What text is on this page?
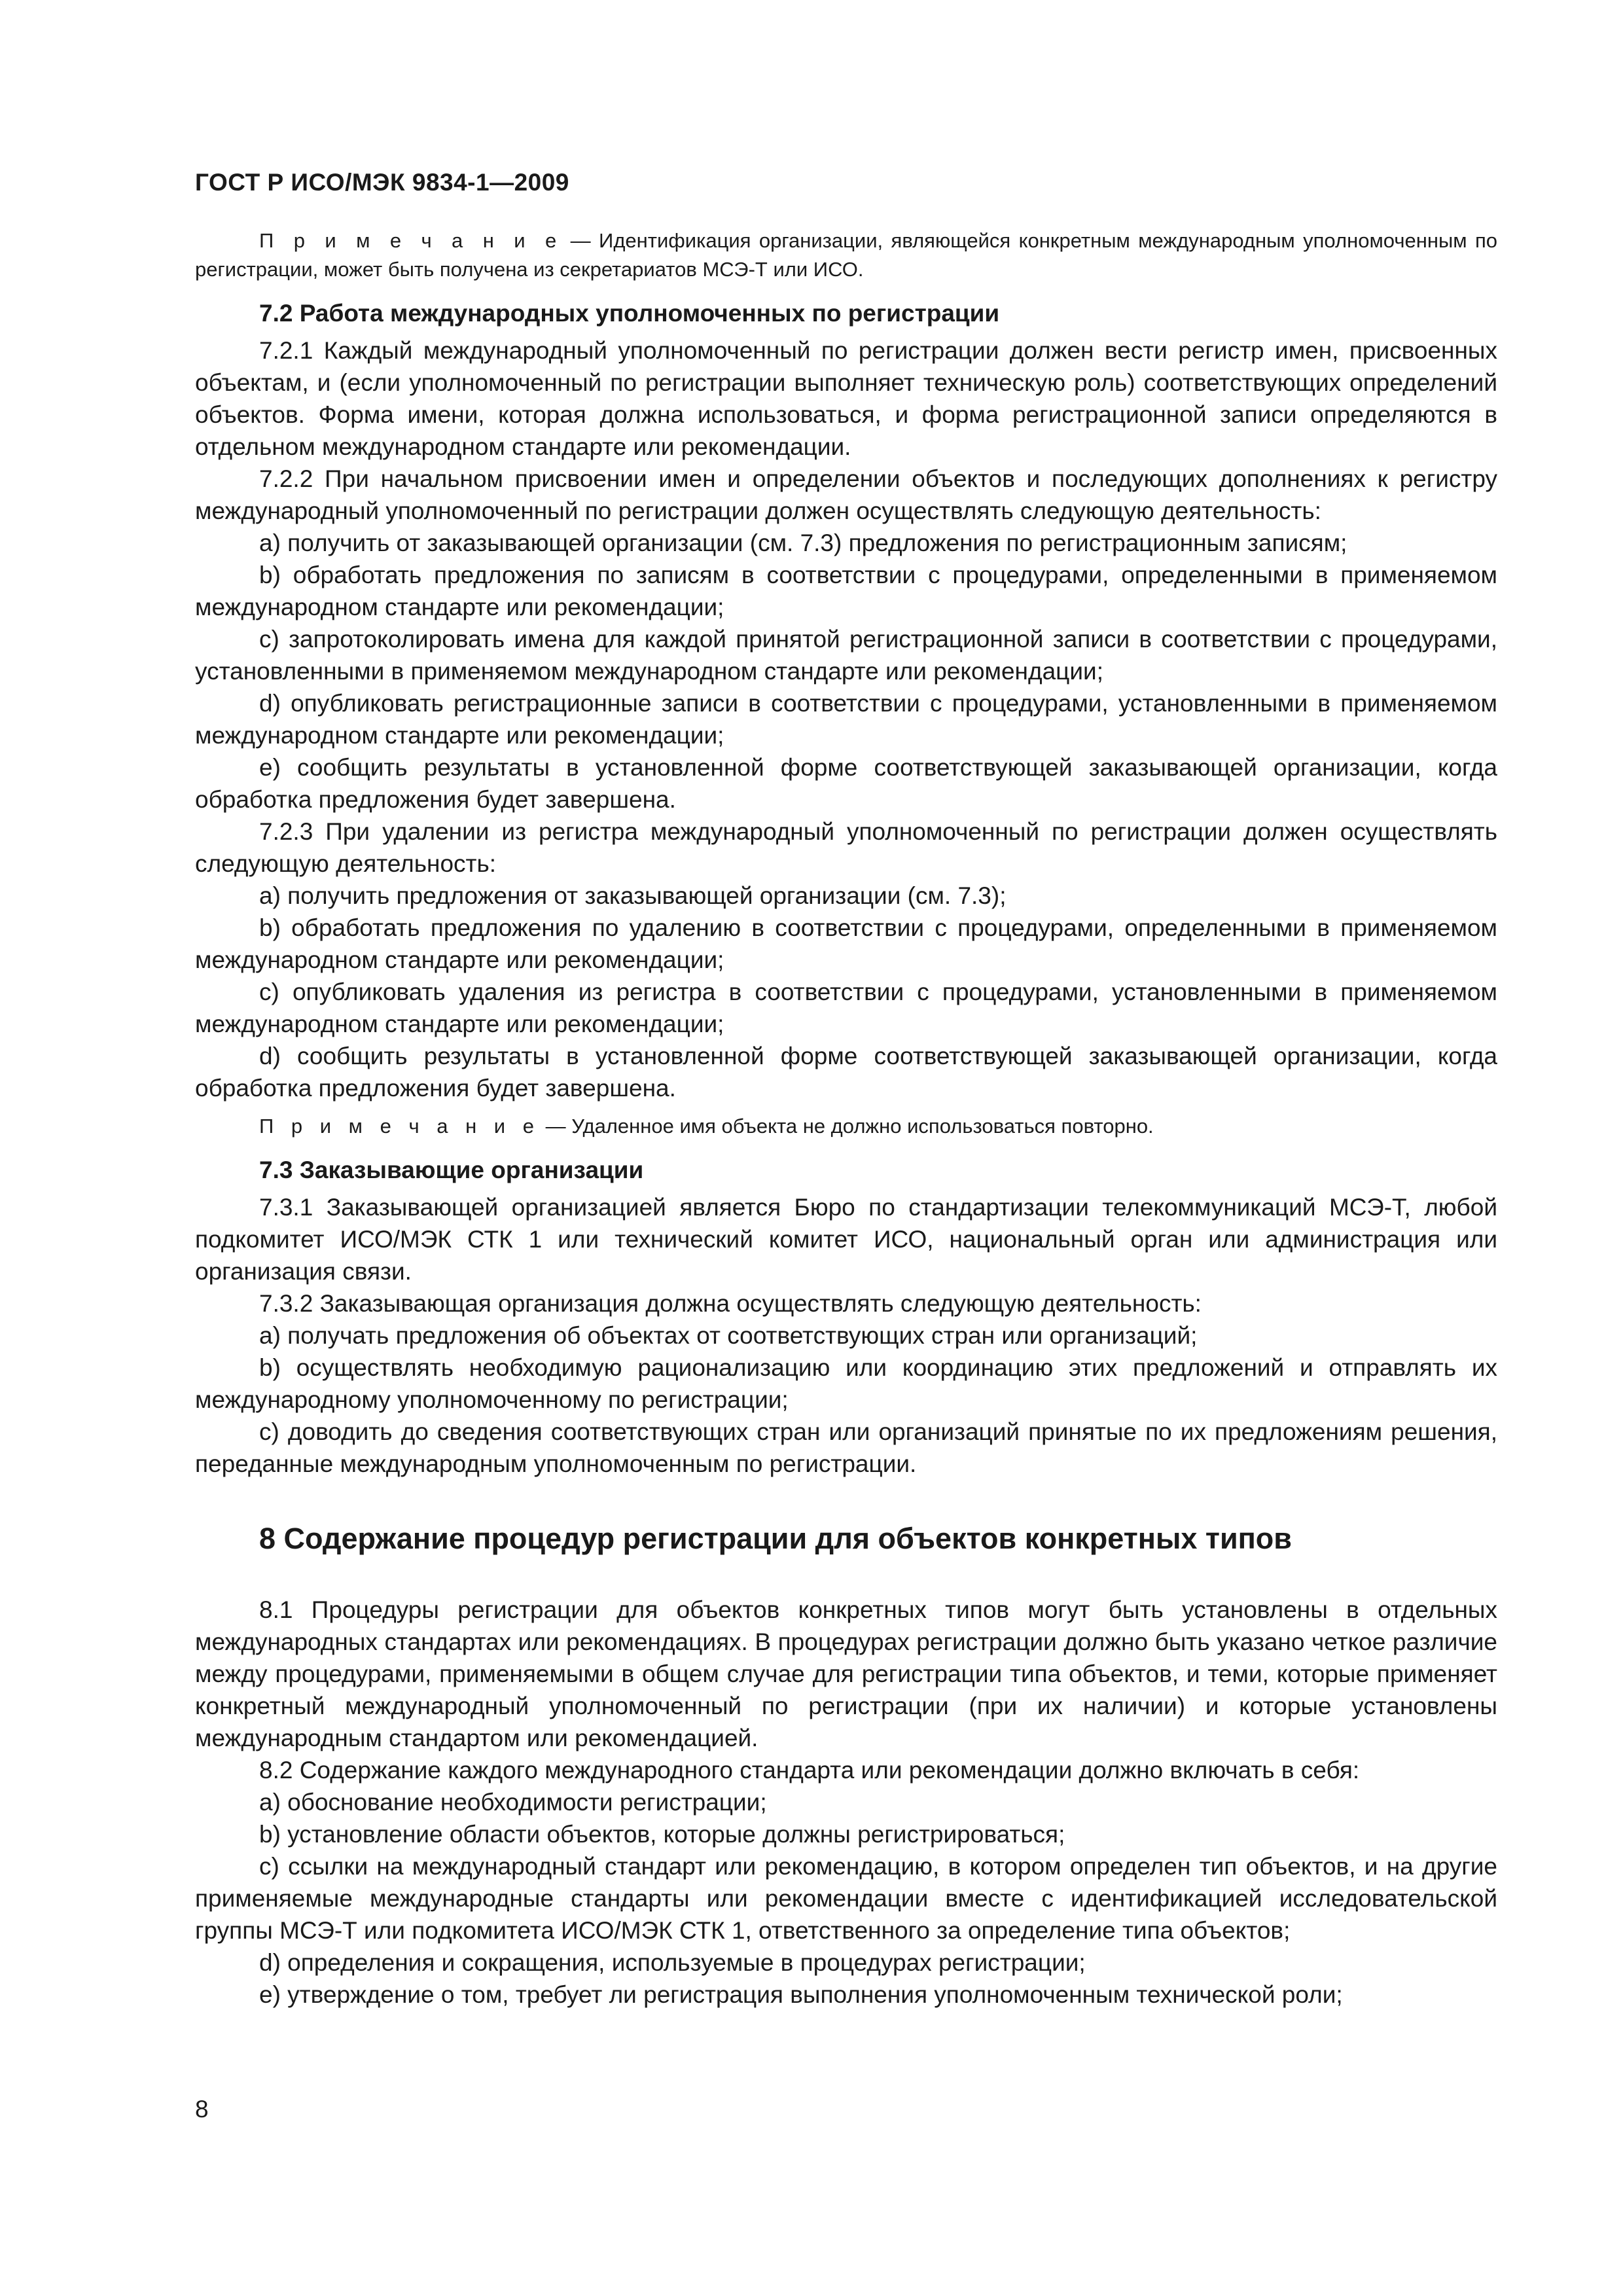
ГОСТ Р ИСО/МЭК 9834-1—2009

П р и м е ч а н и е — Идентификация организации, являющейся конкретным международным уполномоченным по регистрации, может быть получена из секретариатов МСЭ-Т или ИСО.

7.2 Работа международных уполномоченных по регистрации

7.2.1 Каждый международный уполномоченный по регистрации должен вести регистр имен, присвоенных объектам, и (если уполномоченный по регистрации выполняет техническую роль) соответствующих определений объектов. Форма имени, которая должна использоваться, и форма регистрационной записи определяются в отдельном международном стандарте или рекомендации.

7.2.2 При начальном присвоении имен и определении объектов и последующих дополнениях к регистру международный уполномоченный по регистрации должен осуществлять следующую деятельность:

а) получить от заказывающей организации (см. 7.3) предложения по регистрационным записям;

b) обработать предложения по записям в соответствии с процедурами, определенными в применяемом международном стандарте или рекомендации;

c) запротоколировать имена для каждой принятой регистрационной записи в соответствии с процедурами, установленными в применяемом международном стандарте или рекомендации;

d) опубликовать регистрационные записи в соответствии с процедурами, установленными в применяемом международном стандарте или рекомендации;

e) сообщить результаты в установленной форме соответствующей заказывающей организации, когда обработка предложения будет завершена.

7.2.3 При удалении из регистра международный уполномоченный по регистрации должен осуществлять следующую деятельность:

а) получить предложения от заказывающей организации (см. 7.3);

b) обработать предложения по удалению в соответствии с процедурами, определенными в применяемом международном стандарте или рекомендации;

c) опубликовать удаления из регистра в соответствии с процедурами, установленными в применяемом международном стандарте или рекомендации;

d) сообщить результаты в установленной форме соответствующей заказывающей организации, когда обработка предложения будет завершена.

П р и м е ч а н и е — Удаленное имя объекта не должно использоваться повторно.

7.3 Заказывающие организации

7.3.1 Заказывающей организацией является Бюро по стандартизации телекоммуникаций МСЭ-Т, любой подкомитет ИСО/МЭК СТК 1 или технический комитет ИСО, национальный орган или администрация или организация связи.

7.3.2 Заказывающая организация должна осуществлять следующую деятельность:

а) получать предложения об объектах от соответствующих стран или организаций;

b) осуществлять необходимую рационализацию или координацию этих предложений и отправлять их международному уполномоченному по регистрации;

c) доводить до сведения соответствующих стран или организаций принятые по их предложениям решения, переданные международным уполномоченным по регистрации.

8 Содержание процедур регистрации для объектов конкретных типов

8.1 Процедуры регистрации для объектов конкретных типов могут быть установлены в отдельных международных стандартах или рекомендациях. В процедурах регистрации должно быть указано четкое различие между процедурами, применяемыми в общем случае для регистрации типа объектов, и теми, которые применяет конкретный международный уполномоченный по регистрации (при их наличии) и которые установлены международным стандартом или рекомендацией.

8.2 Содержание каждого международного стандарта или рекомендации должно включать в себя:

а) обоснование необходимости регистрации;

b) установление области объектов, которые должны регистрироваться;

c) ссылки на международный стандарт или рекомендацию, в котором определен тип объектов, и на другие применяемые международные стандарты или рекомендации вместе с идентификацией исследовательской группы МСЭ-Т или подкомитета ИСО/МЭК СТК 1, ответственного за определение типа объектов;

d) определения и сокращения, используемые в процедурах регистрации;

e) утверждение о том, требует ли регистрация выполнения уполномоченным технической роли;

8
